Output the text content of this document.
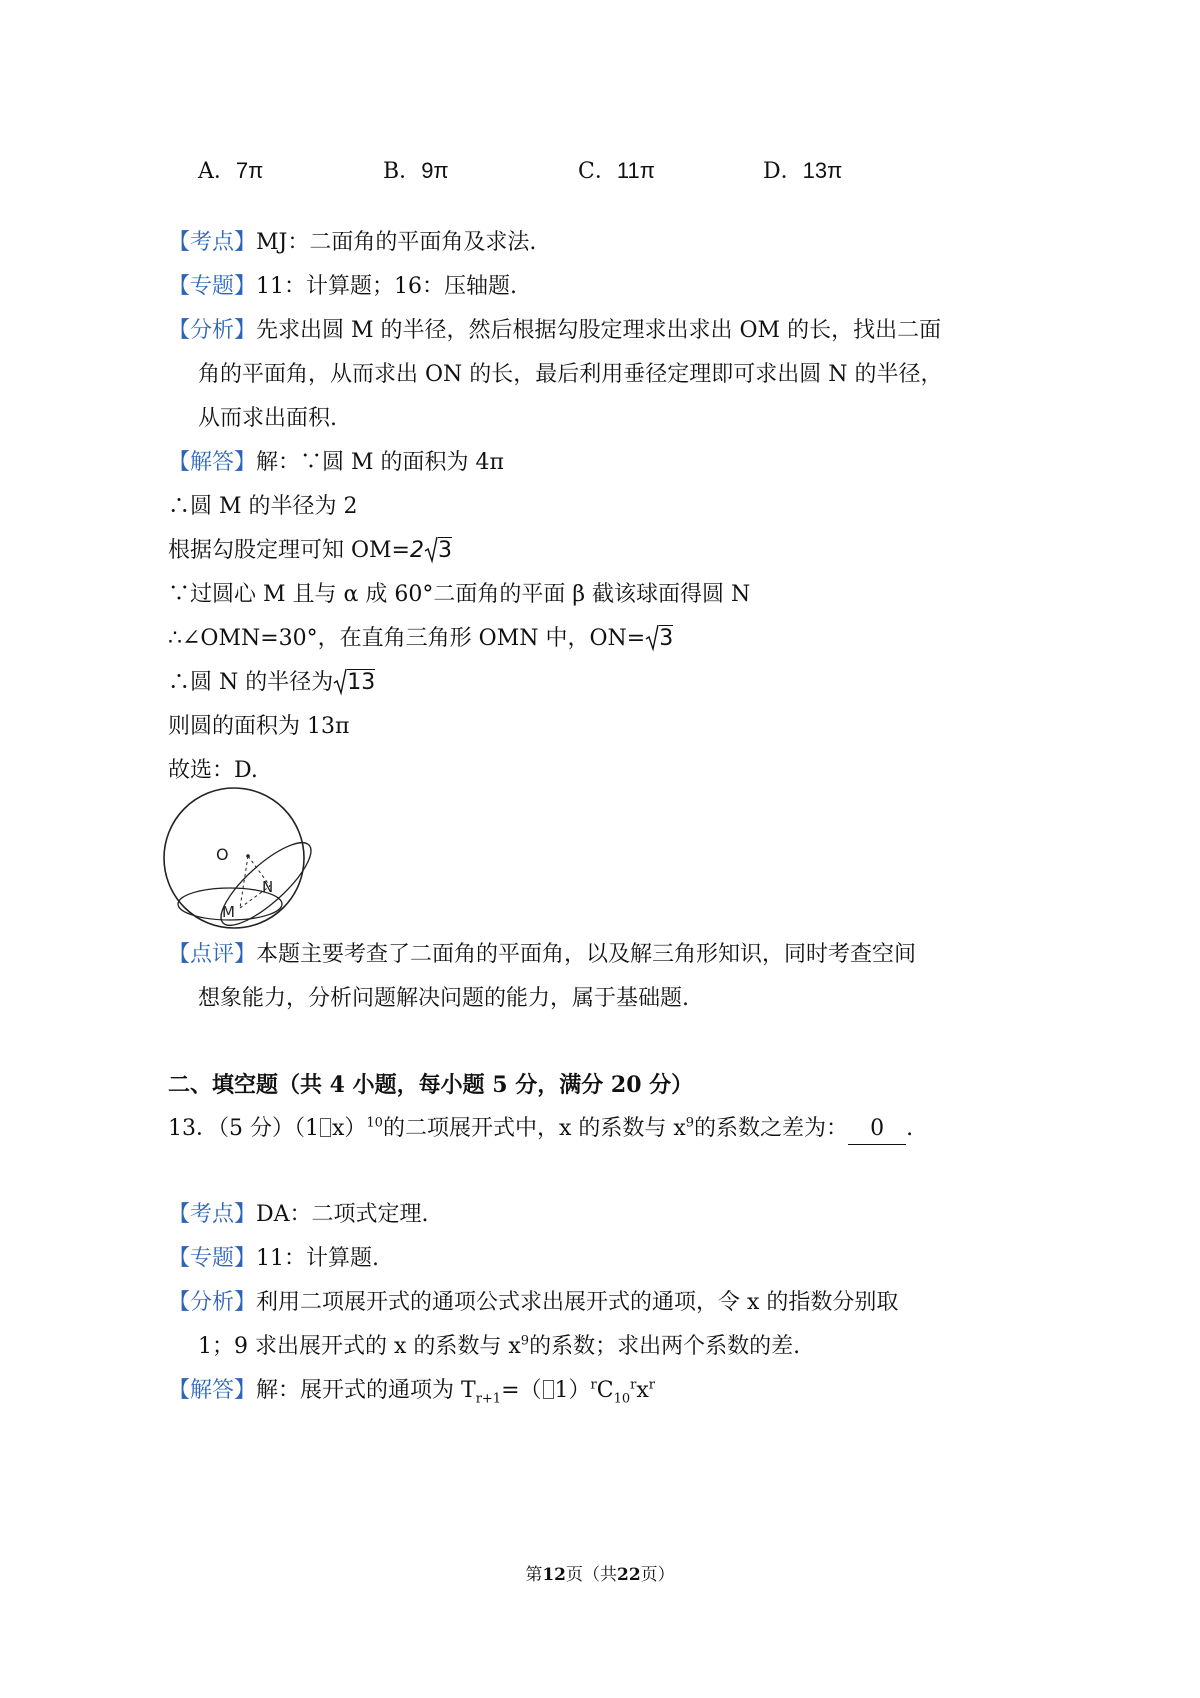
A．7π	B．9π	C．11π	D．13π
【考点】MJ：二面角的平面角及求法.
【专题】11：计算题；16：压轴题.
【分析】先求出圆 M 的半径，然后根据勾股定理求出求出 OM 的长，找出二面
角的平面角，从而求出 ON 的长，最后利用垂径定理即可求出圆 N 的半径，
从而求出面积.
【解答】解：∵圆 M 的面积为 4π
∴圆 M 的半径为 2
根据勾股定理可知 OM=2 3
∵过圆心 M 且与 α 成 60°二面角的平面 β 截该球面得圆 N
∴∠OMN=30°，在直角三角形 OMN 中，ON= 3
∴圆 N 的半径为 13
则圆的面积为 13π
故选：D.
O
N
M
【点评】本题主要考查了二面角的平面角，以及解三角形知识，同时考查空间
想象能力，分析问题解决问题的能力，属于基础题.
二、填空题（共 4 小题，每小题 5 分，满分 20 分）
13．（5 分）（1 x）$^{10}$的二项展开式中，x 的系数与 $x^9$的系数之差为： 0 .
【考点】DA：二项式定理.
【专题】11：计算题.
【分析】利用二项展开式的通项公式求出展开式的通项，令 x 的指数分别取
1；9 求出展开式的 x 的系数与 $x^9$的系数；求出两个系数的差.
【解答】解：展开式的通项为 $T_{r+1}=$（ $1)^rC_{10}^rx^r$
第12页（共22页）
